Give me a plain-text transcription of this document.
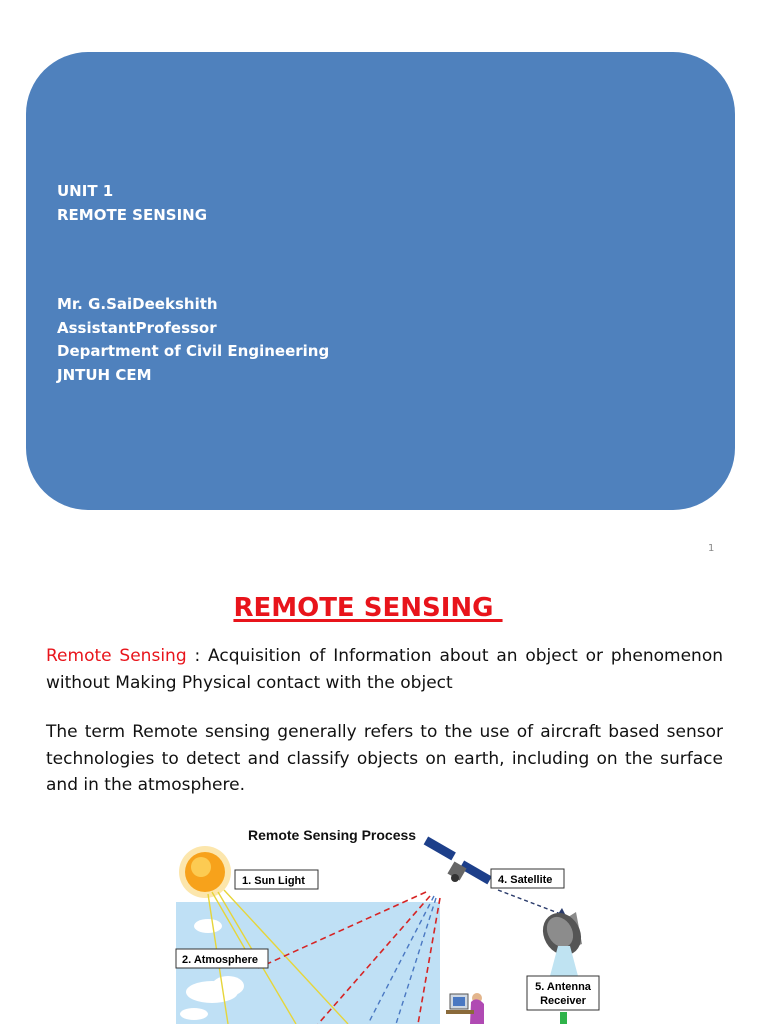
UNIT 1
REMOTE SENSING
Mr. G.SaiDeekshith
AssistantProfessor
Department of Civil Engineering
JNTUH CEM
1
REMOTE SENSING

Remote Sensing : Acquisition of Information about an object or phenomenon without Making Physical contact with the object

The term Remote sensing generally refers to the use of aircraft based sensor technologies to detect and classify objects on earth, including on the surface and in the atmosphere.

Remote Sensing Process
1. Sun Light
2. Atmosphere
4. Satellite
5. Antenna
Receiver
